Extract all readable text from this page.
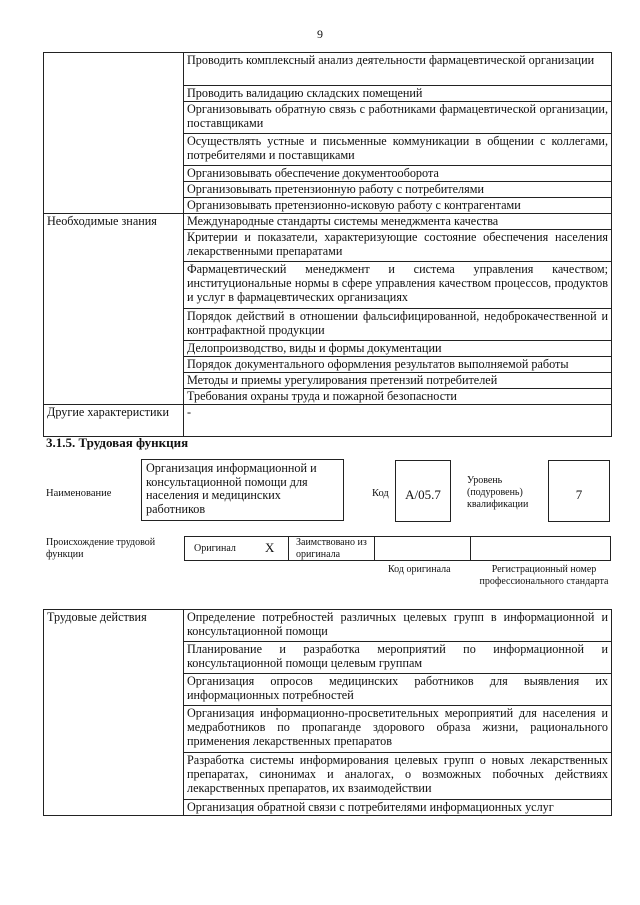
9
	Проводить комплексный анализ деятельности фармацевтической организации
	Проводить валидацию складских помещений
	Организовывать обратную связь с работниками фармацевтической организации, поставщиками
	Осуществлять устные и письменные коммуникации в общении с коллегами, потребителями и поставщиками
	Организовывать обеспечение документооборота
	Организовывать претензионную работу с потребителями
	Организовывать претензионно-исковую работу с контрагентами
Необходимые знания	Международные стандарты системы менеджмента качества
	Критерии и показатели, характеризующие состояние обеспечения населения лекарственными препаратами
	Фармацевтический менеджмент и система управления качеством; институциональные нормы в сфере управления качеством процессов, продуктов и услуг в фармацевтических организациях
	Порядок действий в отношении фальсифицированной, недоброкачественной и контрафактной продукции
	Делопроизводство, виды и формы документации
	Порядок документального оформления результатов выполняемой работы
	Методы и приемы урегулирования претензий потребителей
	Требования охраны труда и пожарной безопасности
Другие характеристики	-
3.1.5. Трудовая функция
Наименование
Организация информационной и консультационной помощи для населения и медицинских работников
Код	A/05.7
Уровень (подуровень) квалификации
7
Происхождение трудовой функции
Оригинал X Заимствовано из оригинала
Код оригинала	Регистрационный номер профессионального стандарта
Трудовые действия	Определение потребностей различных целевых групп в информационной и консультационной помощи
Планирование и разработка мероприятий по информационной и консультационной помощи целевым группам
Организация опросов медицинских работников для выявления их информационных потребностей
Организация информационно-просветительных мероприятий для населения и медработников по пропаганде здорового образа жизни, рационального применения лекарственных препаратов
Разработка системы информирования целевых групп о новых лекарственных препаратах, синонимах и аналогах, о возможных побочных действиях лекарственных препаратов, их взаимодействии
Организация обратной связи с потребителями информационных услуг
